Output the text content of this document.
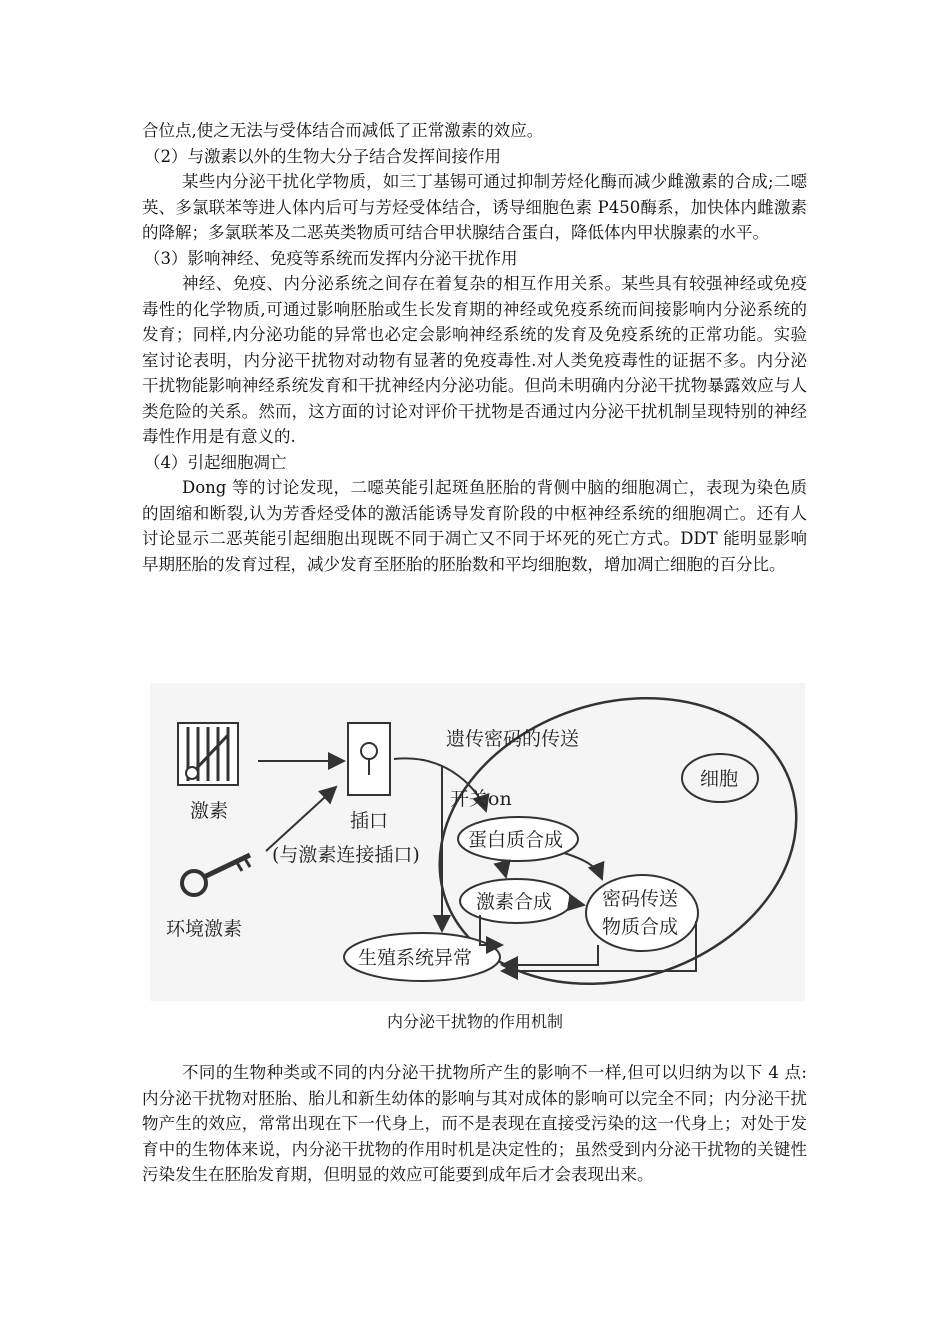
合位点,使之无法与受体结合而减低了正常激素的效应。

（2）与激素以外的生物大分子结合发挥间接作用

某些内分泌干扰化学物质，如三丁基锡可通过抑制芳烃化酶而减少雌激素的合成;二噁英、多氯联苯等进人体内后可与芳烃受体结合，诱导细胞色素 P450酶系，加快体内雌激素的降解；多氯联苯及二恶英类物质可结合甲状腺结合蛋白，降低体内甲状腺素的水平。

（3）影响神经、免疫等系统而发挥内分泌干扰作用

神经、免疫、内分泌系统之间存在着复杂的相互作用关系。某些具有较强神经或免疫毒性的化学物质,可通过影响胚胎或生长发育期的神经或免疫系统而间接影响内分泌系统的发育；同样,内分泌功能的异常也必定会影响神经系统的发育及免疫系统的正常功能。实验室讨论表明，内分泌干扰物对动物有显著的免疫毒性.对人类免疫毒性的证据不多。内分泌干扰物能影响神经系统发育和干扰神经内分泌功能。但尚未明确内分泌干扰物暴露效应与人类危险的关系。然而，这方面的讨论对评价干扰物是否通过内分泌干扰机制呈现特别的神经毒性作用是有意义的.

（4）引起细胞凋亡

Dong 等的讨论发现，二噁英能引起斑鱼胚胎的背侧中脑的细胞凋亡，表现为染色质的固缩和断裂,认为芳香烃受体的激活能诱导发育阶段的中枢神经系统的细胞凋亡。还有人讨论显示二恶英能引起细胞出现既不同于凋亡又不同于坏死的死亡方式。DDT 能明显影响早期胚胎的发育过程，减少发育至胚胎的胚胎数和平均细胞数，增加凋亡细胞的百分比。

激素
环境激素
插口
(与激素连接插口)
细胞
遗传密码的传送
开关on
蛋白质合成
激素合成	密码传送
物质合成
生殖系统异常
内分泌干扰物的作用机制

不同的生物种类或不同的内分泌干扰物所产生的影响不一样,但可以归纳为以下 4 点:内分泌干扰物对胚胎、胎儿和新生幼体的影响与其对成体的影响可以完全不同；内分泌干扰物产生的效应，常常出现在下一代身上，而不是表现在直接受污染的这一代身上；对处于发育中的生物体来说，内分泌干扰物的作用时机是决定性的；虽然受到内分泌干扰物的关键性污染发生在胚胎发育期，但明显的效应可能要到成年后才会表现出来。
